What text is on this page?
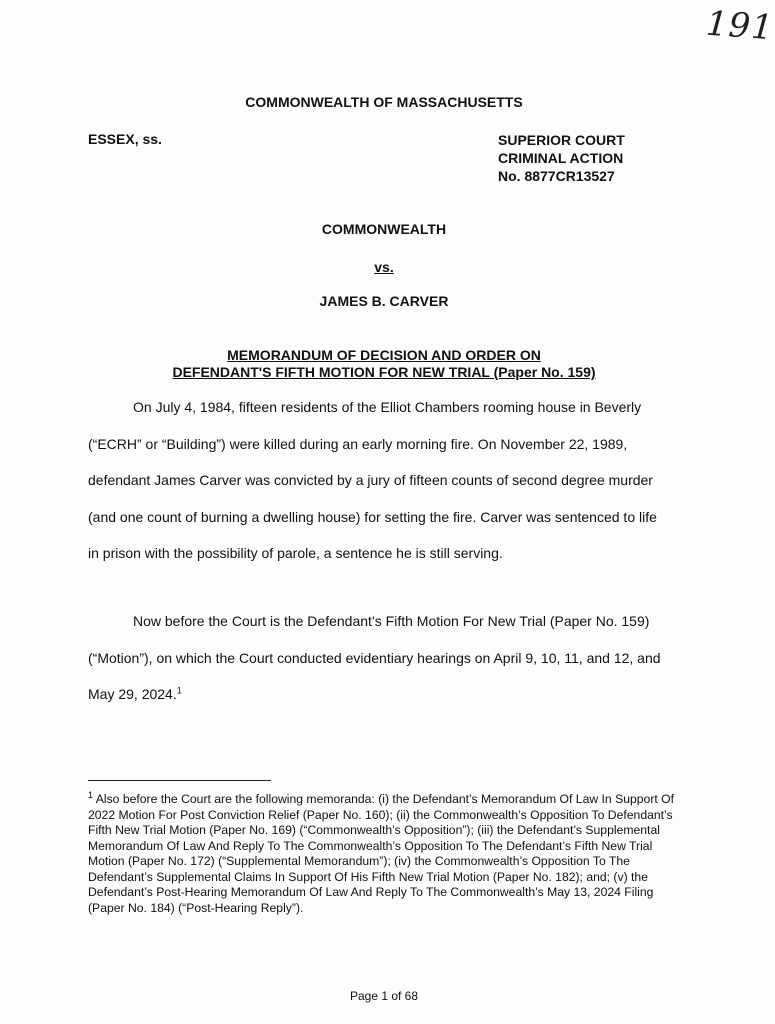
191
COMMONWEALTH OF MASSACHUSETTS
ESSEX, ss.	SUPERIOR COURT
CRIMINAL ACTION
No. 8877CR13527
COMMONWEALTH
vs.
JAMES B. CARVER
MEMORANDUM OF DECISION AND ORDER ON
DEFENDANT'S FIFTH MOTION FOR NEW TRIAL (Paper No. 159)

On July 4, 1984, fifteen residents of the Elliot Chambers rooming house in Beverly (“ECRH” or “Building”) were killed during an early morning fire. On November 22, 1989, defendant James Carver was convicted by a jury of fifteen counts of second degree murder (and one count of burning a dwelling house) for setting the fire. Carver was sentenced to life in prison with the possibility of parole, a sentence he is still serving.

Now before the Court is the Defendant’s Fifth Motion For New Trial (Paper No. 159) (“Motion”), on which the Court conducted evidentiary hearings on April 9, 10, 11, and 12, and May 29, 2024.$^1$

$^1$ Also before the Court are the following memoranda: (i) the Defendant’s Memorandum Of Law In Support Of 2022 Motion For Post Conviction Relief (Paper No. 160); (ii) the Commonwealth’s Opposition To Defendant’s Fifth New Trial Motion (Paper No. 169) (“Commonwealth’s Opposition”); (iii) the Defendant’s Supplemental Memorandum Of Law And Reply To The Commonwealth’s Opposition To The Defendant’s Fifth New Trial Motion (Paper No. 172) (“Supplemental Memorandum”); (iv) the Commonwealth’s Opposition To The Defendant’s Supplemental Claims In Support Of His Fifth New Trial Motion (Paper No. 182); and; (v) the Defendant’s Post-Hearing Memorandum Of Law And Reply To The Commonwealth’s May 13, 2024 Filing (Paper No. 184) (“Post-Hearing Reply”).
Page 1 of 68
